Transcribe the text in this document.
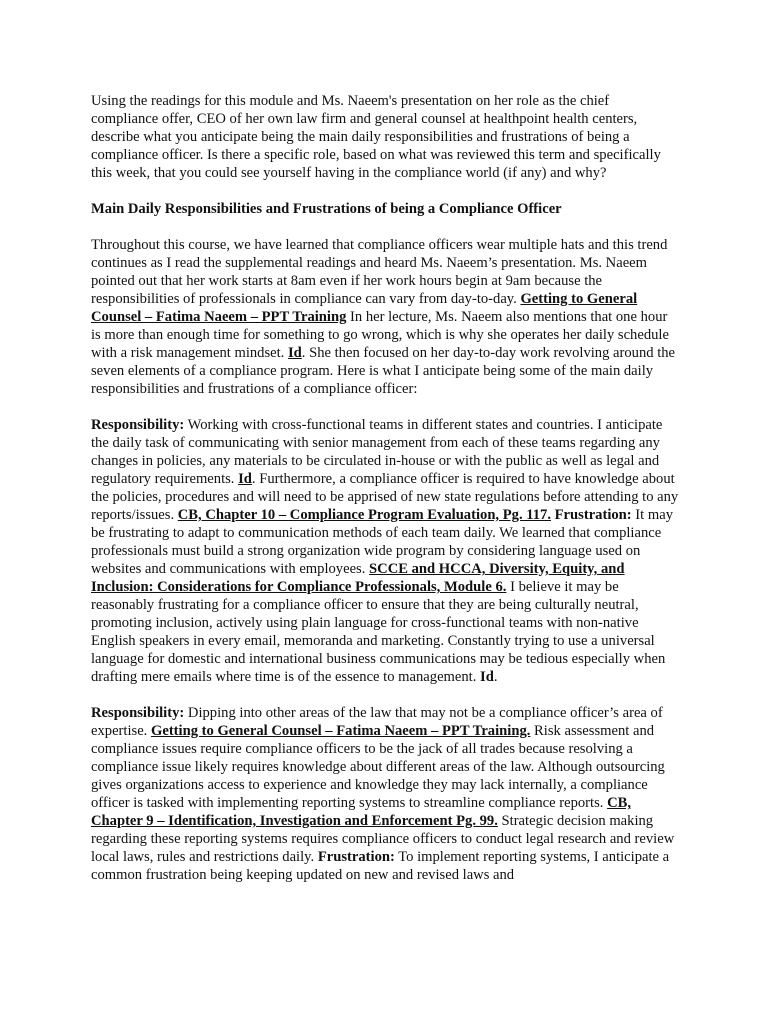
Using the readings for this module and Ms. Naeem's presentation on her role as the chief compliance offer, CEO of her own law firm and general counsel at healthpoint health centers, describe what you anticipate being the main daily responsibilities and frustrations of being a compliance officer. Is there a specific role, based on what was reviewed this term and specifically this week, that you could see yourself having in the compliance world (if any) and why?

Main Daily Responsibilities and Frustrations of being a Compliance Officer

Throughout this course, we have learned that compliance officers wear multiple hats and this trend continues as I read the supplemental readings and heard Ms. Naeem’s presentation. Ms. Naeem pointed out that her work starts at 8am even if her work hours begin at 9am because the responsibilities of professionals in compliance can vary from day-to-day. Getting to General Counsel – Fatima Naeem – PPT Training In her lecture, Ms. Naeem also mentions that one hour is more than enough time for something to go wrong, which is why she operates her daily schedule with a risk management mindset. Id. She then focused on her day-to-day work revolving around the seven elements of a compliance program. Here is what I anticipate being some of the main daily responsibilities and frustrations of a compliance officer:

Responsibility: Working with cross-functional teams in different states and countries. I anticipate the daily task of communicating with senior management from each of these teams regarding any changes in policies, any materials to be circulated in-house or with the public as well as legal and regulatory requirements. Id. Furthermore, a compliance officer is required to have knowledge about the policies, procedures and will need to be apprised of new state regulations before attending to any reports/issues. CB, Chapter 10 – Compliance Program Evaluation, Pg. 117. Frustration: It may be frustrating to adapt to communication methods of each team daily. We learned that compliance professionals must build a strong organization wide program by considering language used on websites and communications with employees. SCCE and HCCA, Diversity, Equity, and Inclusion: Considerations for Compliance Professionals, Module 6. I believe it may be reasonably frustrating for a compliance officer to ensure that they are being culturally neutral, promoting inclusion, actively using plain language for cross-functional teams with non-native English speakers in every email, memoranda and marketing. Constantly trying to use a universal language for domestic and international business communications may be tedious especially when drafting mere emails where time is of the essence to management. Id.

Responsibility: Dipping into other areas of the law that may not be a compliance officer’s area of expertise. Getting to General Counsel – Fatima Naeem – PPT Training. Risk assessment and compliance issues require compliance officers to be the jack of all trades because resolving a compliance issue likely requires knowledge about different areas of the law. Although outsourcing gives organizations access to experience and knowledge they may lack internally, a compliance officer is tasked with implementing reporting systems to streamline compliance reports. CB, Chapter 9 – Identification, Investigation and Enforcement Pg. 99. Strategic decision making regarding these reporting systems requires compliance officers to conduct legal research and review local laws, rules and restrictions daily. Frustration: To implement reporting systems, I anticipate a common frustration being keeping updated on new and revised laws and
